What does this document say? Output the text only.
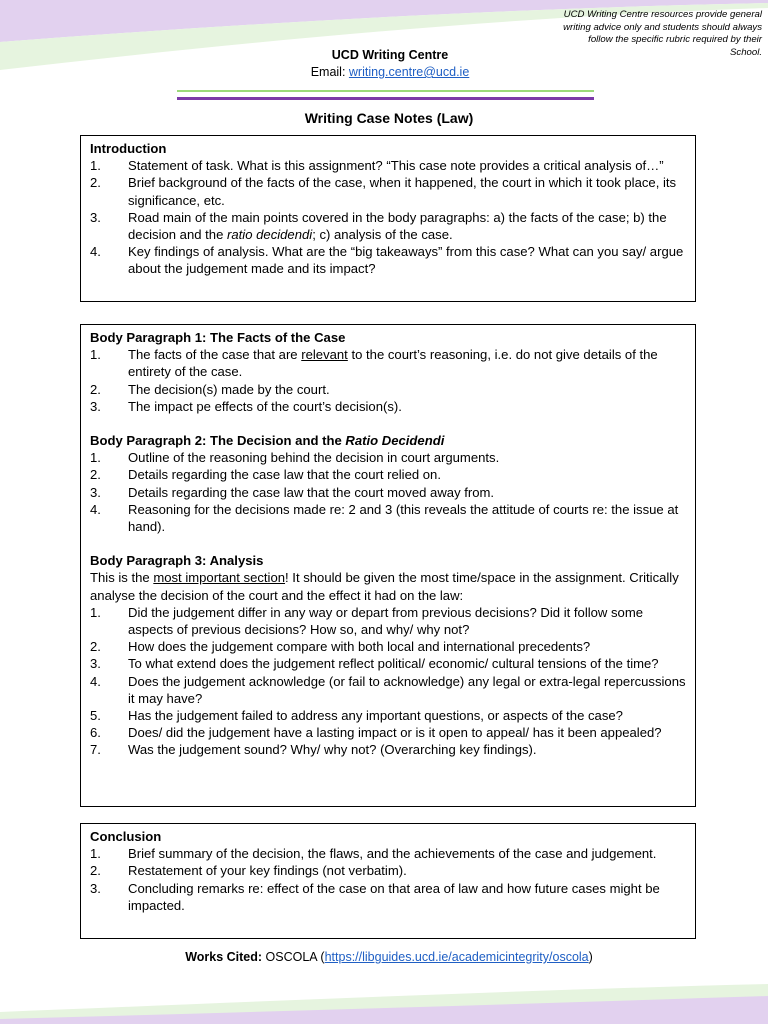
UCD Writing Centre resources provide general writing advice only and students should always follow the specific rubric required by their School.
UCD Writing Centre
Email: writing.centre@ucd.ie
Writing Case Notes (Law)
Introduction
1. Statement of task. What is this assignment? “This case note provides a critical analysis of…”
2. Brief background of the facts of the case, when it happened, the court in which it took place, its significance, etc.
3. Road main of the main points covered in the body paragraphs: a) the facts of the case; b) the decision and the ratio decidendi; c) analysis of the case.
4. Key findings of analysis. What are the “big takeaways” from this case? What can you say/ argue about the judgement made and its impact?
Body Paragraph 1: The Facts of the Case
1. The facts of the case that are relevant to the court’s reasoning, i.e. do not give details of the entirety of the case.
2. The decision(s) made by the court.
3. The impact pe effects of the court’s decision(s).
Body Paragraph 2: The Decision and the Ratio Decidendi
1. Outline of the reasoning behind the decision in court arguments.
2. Details regarding the case law that the court relied on.
3. Details regarding the case law that the court moved away from.
4. Reasoning for the decisions made re: 2 and 3 (this reveals the attitude of courts re: the issue at hand).
Body Paragraph 3: Analysis
This is the most important section! It should be given the most time/space in the assignment. Critically analyse the decision of the court and the effect it had on the law:
1. Did the judgement differ in any way or depart from previous decisions? Did it follow some aspects of previous decisions? How so, and why/ why not?
2. How does the judgement compare with both local and international precedents?
3. To what extend does the judgement reflect political/ economic/ cultural tensions of the time?
4. Does the judgement acknowledge (or fail to acknowledge) any legal or extra-legal repercussions it may have?
5. Has the judgement failed to address any important questions, or aspects of the case?
6. Does/ did the judgement have a lasting impact or is it open to appeal/ has it been appealed?
7. Was the judgement sound? Why/ why not? (Overarching key findings).
Conclusion
1. Brief summary of the decision, the flaws, and the achievements of the case and judgement.
2. Restatement of your key findings (not verbatim).
3. Concluding remarks re: effect of the case on that area of law and how future cases might be impacted.
Works Cited: OSCOLA (https://libguides.ucd.ie/academicintegrity/oscola)
